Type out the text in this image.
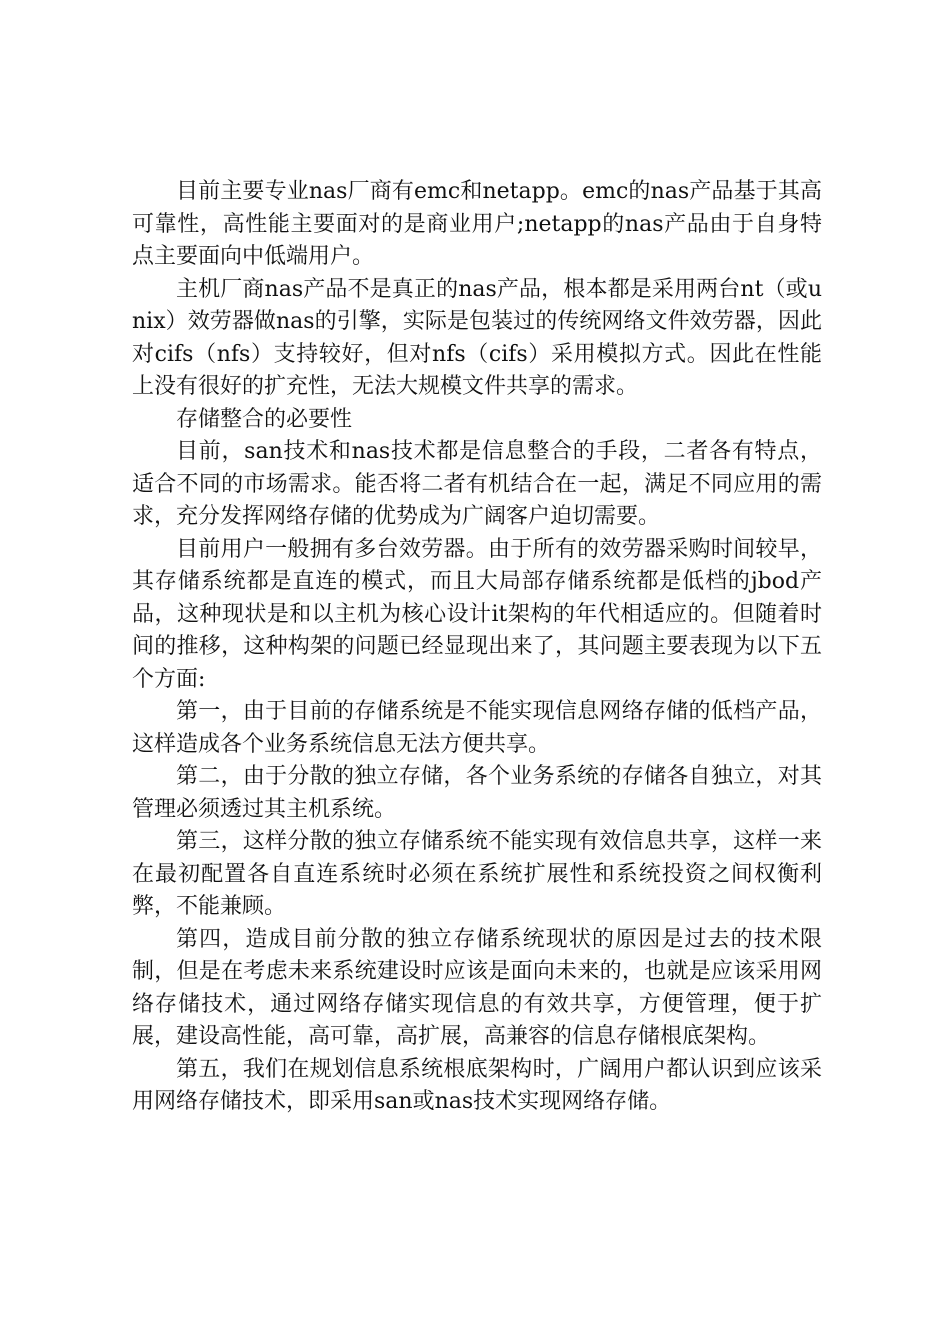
目前主要专业nas厂商有emc和netapp。emc的nas产品基于其高可靠性，高性能主要面对的是商业用户;netapp的nas产品由于自身特点主要面向中低端用户。

主机厂商nas产品不是真正的nas产品，根本都是采用两台nt（或unix）效劳器做nas的引擎，实际是包装过的传统网络文件效劳器，因此对cifs（nfs）支持较好，但对nfs（cifs）采用模拟方式。因此在性能上没有很好的扩充性，无法大规模文件共享的需求。

存储整合的必要性

目前，san技术和nas技术都是信息整合的手段，二者各有特点，适合不同的市场需求。能否将二者有机结合在一起，满足不同应用的需求，充分发挥网络存储的优势成为广阔客户迫切需要。

目前用户一般拥有多台效劳器。由于所有的效劳器采购时间较早，其存储系统都是直连的模式，而且大局部存储系统都是低档的jbod产品，这种现状是和以主机为核心设计it架构的年代相适应的。但随着时间的推移，这种构架的问题已经显现出来了，其问题主要表现为以下五个方面:

第一，由于目前的存储系统是不能实现信息网络存储的低档产品，这样造成各个业务系统信息无法方便共享。

第二，由于分散的独立存储，各个业务系统的存储各自独立，对其管理必须透过其主机系统。

第三，这样分散的独立存储系统不能实现有效信息共享，这样一来在最初配置各自直连系统时必须在系统扩展性和系统投资之间权衡利弊，不能兼顾。

第四，造成目前分散的独立存储系统现状的原因是过去的技术限制，但是在考虑未来系统建设时应该是面向未来的，也就是应该采用网络存储技术，通过网络存储实现信息的有效共享，方便管理，便于扩展，建设高性能，高可靠，高扩展，高兼容的信息存储根底架构。

第五，我们在规划信息系统根底架构时，广阔用户都认识到应该采用网络存储技术，即采用san或nas技术实现网络存储。
